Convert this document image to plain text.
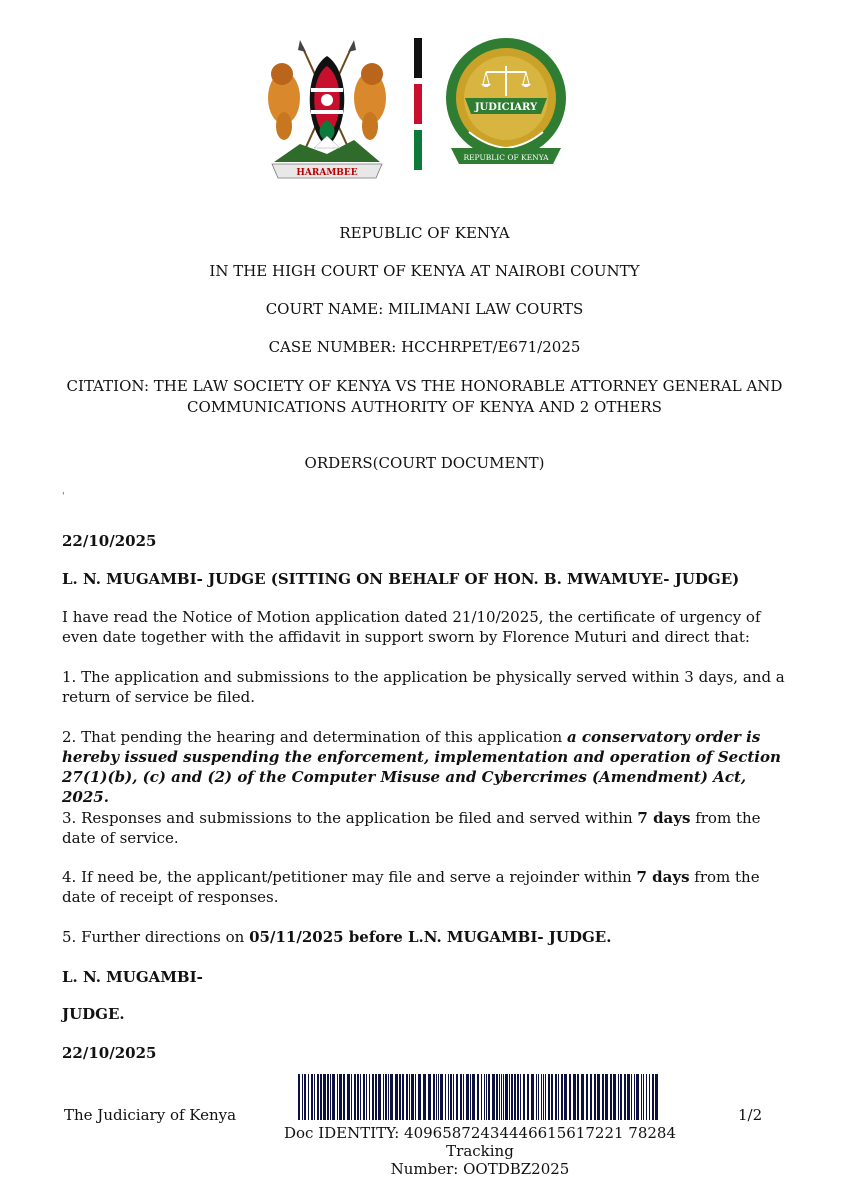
HARAMBEE
JUDICIARY
REPUBLIC OF KENYA
REPUBLIC OF KENYA
IN THE HIGH COURT OF KENYA AT NAIROBI COUNTY
COURT NAME: MILIMANI LAW COURTS
CASE NUMBER: HCCHRPET/E671/2025
CITATION: THE LAW SOCIETY OF KENYA VS THE HONORABLE ATTORNEY GENERAL AND
COMMUNICATIONS AUTHORITY OF KENYA AND 2 OTHERS
ORDERS(COURT DOCUMENT)
'
22/10/2025
L. N. MUGAMBI- JUDGE (SITTING ON BEHALF OF HON. B. MWAMUYE- JUDGE)
I have read the Notice of Motion application dated 21/10/2025, the certificate of urgency of even date together with the affidavit in support sworn by Florence Muturi and direct that:
1. The application and submissions to the application be physically served within 3 days, and a return of service be filed.
2. That pending the hearing and determination of this application a conservatory order is hereby issued suspending the enforcement, implementation and operation of Section 27(1)(b), (c) and (2) of the Computer Misuse and Cybercrimes (Amendment) Act, 2025.
3. Responses and submissions to the application be filed and served within 7 days from the date of service.
4. If need be, the applicant/petitioner may file and serve a rejoinder within 7 days from the date of receipt of responses.
5. Further directions on 05/11/2025 before L.N. MUGAMBI- JUDGE.
L. N. MUGAMBI-
JUDGE.
22/10/2025
The Judiciary of Kenya
Doc IDENTITY: 40965872434446615617221 78284 Tracking
Number: OOTDBZ2025
1/2
